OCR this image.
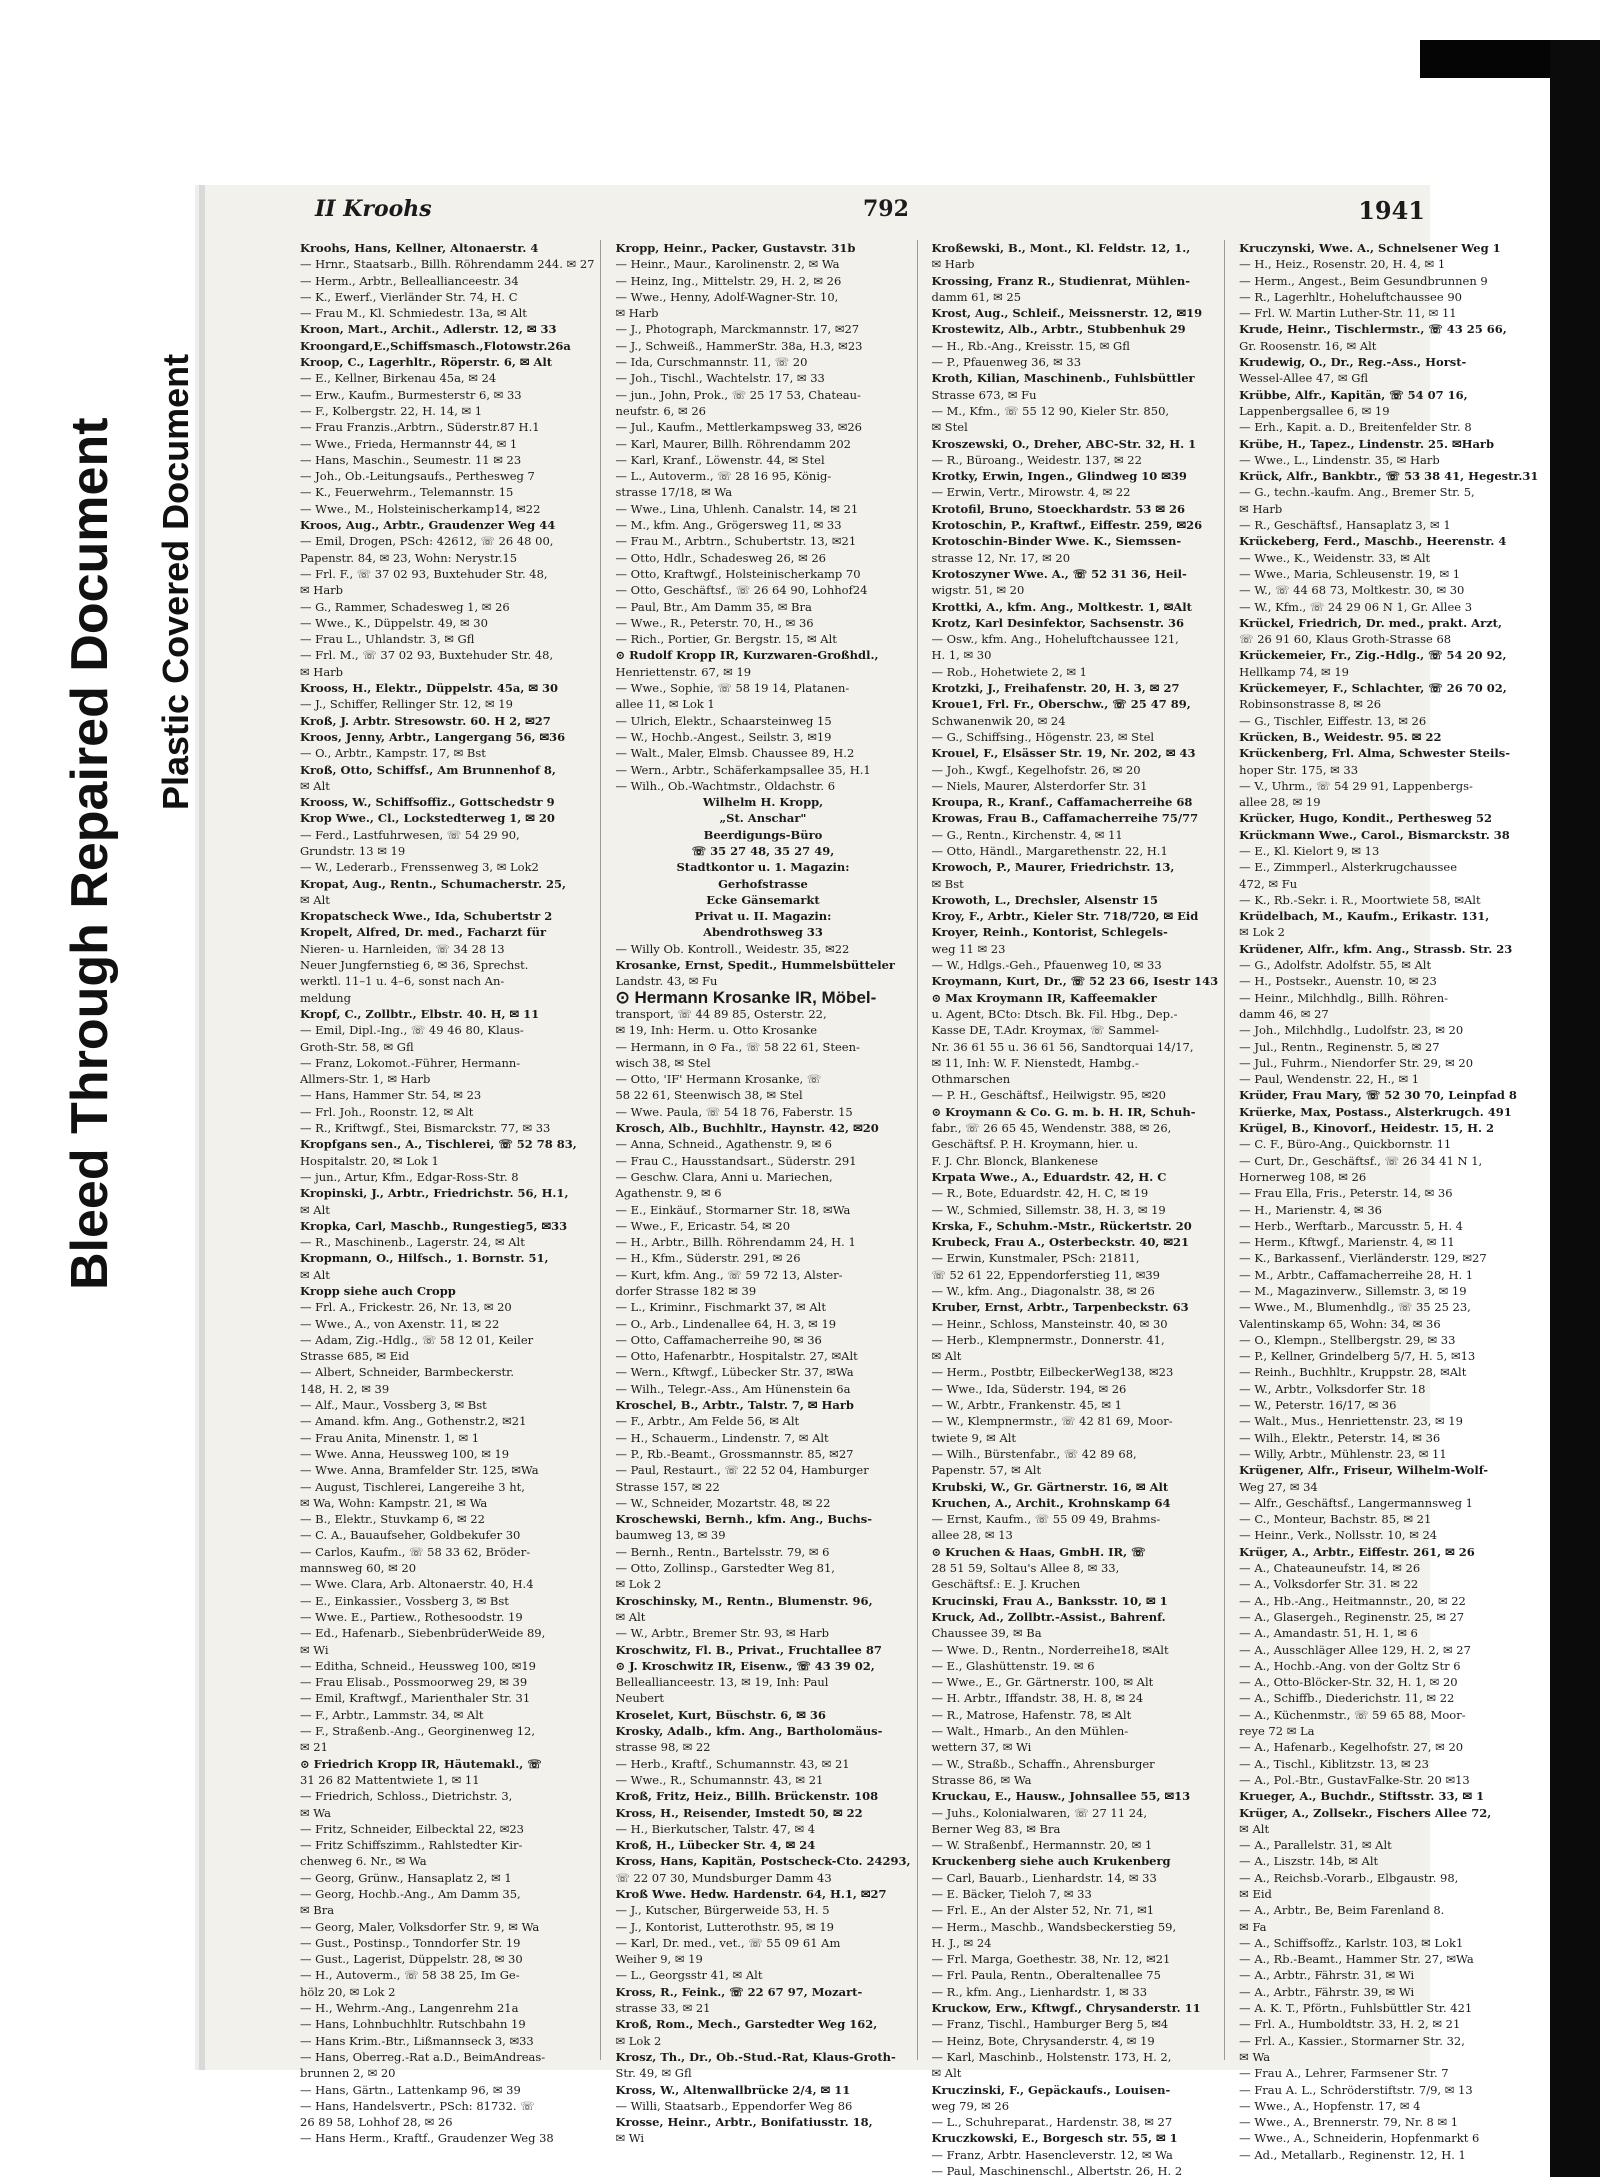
Bleed Through Repaired Document Plastic Covered Document
II Kroohs	792	1941
Kroohs, Hans, Kellner, Altonaerstr. 4
— Hrnr., Staatsarb., Billh. Röhrendamm 244. ✉ 27
— Herm., Arbtr., Belleallianceestr. 34
— K., Ewerf., Vierländer Str. 74, H. C
— Frau M., Kl. Schmiedestr. 13a, ✉ Alt
Kroon, Mart., Archit., Adlerstr. 12, ✉ 33
Kroongard,E.,Schiffsmasch.,Flotowstr.26a
Kroop, C., Lagerhltr., Röperstr. 6, ✉ Alt
— E., Kellner, Birkenau 45a, ✉ 24
— Erw., Kaufm., Burmesterstr 6, ✉ 33
— F., Kolbergstr. 22, H. 14, ✉ 1
— Frau Franzis.,Arbtrn., Süderstr.87 H.1
— Wwe., Frieda, Hermannstr 44, ✉ 1
— Hans, Maschin., Seumestr. 11 ✉ 23
— Joh., Ob.-Leitungsaufs., Perthesweg 7
— K., Feuerwehrm., Telemannstr. 15
— Wwe., M., Holsteinischerkamp14, ✉22
Kroos, Aug., Arbtr., Graudenzer Weg 44
— Emil, Drogen, PSch: 42612, ☏ 26 48 00,
Papenstr. 84, ✉ 23, Wohn: Nerystr.15
— Frl. F., ☏ 37 02 93, Buxtehuder Str. 48,
✉ Harb
— G., Rammer, Schadesweg 1, ✉ 26
— Wwe., K., Düppelstr. 49, ✉ 30
— Frau L., Uhlandstr. 3, ✉ Gfl
— Frl. M., ☏ 37 02 93, Buxtehuder Str. 48,
✉ Harb
Krooss, H., Elektr., Düppelstr. 45a, ✉ 30
— J., Schiffer, Rellinger Str. 12, ✉ 19
Kroß, J. Arbtr. Stresowstr. 60. H 2, ✉27
Kroos, Jenny, Arbtr., Langergang 56, ✉36
— O., Arbtr., Kampstr. 17, ✉ Bst
Kroß, Otto, Schiffsf., Am Brunnenhof 8,
✉ Alt
Krooss, W., Schiffsoffiz., Gottschedstr 9
Krop Wwe., Cl., Lockstedterweg 1, ✉ 20
— Ferd., Lastfuhrwesen, ☏ 54 29 90,
Grundstr. 13 ✉ 19
— W., Lederarb., Frenssenweg 3, ✉ Lok2
Kropat, Aug., Rentn., Schumacherstr. 25,
✉ Alt
Kropatscheck Wwe., Ida, Schubertstr 2
Kropelt, Alfred, Dr. med., Facharzt für
Nieren- u. Harnleiden, ☏ 34 28 13
Neuer Jungfernstieg 6, ✉ 36, Sprechst.
werktl. 11–1 u. 4–6, sonst nach An-
meldung
Kropf, C., Zollbtr., Elbstr. 40. H, ✉ 11
— Emil, Dipl.-Ing., ☏ 49 46 80, Klaus-
Groth-Str. 58, ✉ Gfl
— Franz, Lokomot.-Führer, Hermann-
Allmers-Str. 1, ✉ Harb
— Hans, Hammer Str. 54, ✉ 23
— Frl. Joh., Roonstr. 12, ✉ Alt
— R., Kriftwgf., Stei, Bismarckstr. 77, ✉ 33
Kropfgans sen., A., Tischlerei, ☏ 52 78 83,
Hospitalstr. 20, ✉ Lok 1
— jun., Artur, Kfm., Edgar-Ross-Str. 8
Kropinski, J., Arbtr., Friedrichstr. 56, H.1,
✉ Alt
Kropka, Carl, Maschb., Rungestieg5, ✉33
— R., Maschinenb., Lagerstr. 24, ✉ Alt
Kropmann, O., Hilfsch., 1. Bornstr. 51,
✉ Alt
Kropp siehe auch Cropp
— Frl. A., Frickestr. 26, Nr. 13, ✉ 20
— Wwe., A., von Axenstr. 11, ✉ 22
— Adam, Zig.-Hdlg., ☏ 58 12 01, Keiler
Strasse 685, ✉ Eid
— Albert, Schneider, Barmbeckerstr.
148, H. 2, ✉ 39
— Alf., Maur., Vossberg 3, ✉ Bst
— Amand. kfm. Ang., Gothenstr.2, ✉21
— Frau Anita, Minenstr. 1, ✉ 1
— Wwe. Anna, Heussweg 100, ✉ 19
— Wwe. Anna, Bramfelder Str. 125, ✉Wa
— August, Tischlerei, Langereihe 3 ht,
✉ Wa, Wohn: Kampstr. 21, ✉ Wa
— B., Elektr., Stuvkamp 6, ✉ 22
— C. A., Bauaufseher, Goldbekufer 30
— Carlos, Kaufm., ☏ 58 33 62, Bröder-
mannsweg 60, ✉ 20
— Wwe. Clara, Arb. Altonaerstr. 40, H.4
— E., Einkassier., Vossberg 3, ✉ Bst
— Wwe. E., Partiew., Rothesoodstr. 19
— Ed., Hafenarb., SiebenbrüderWeide 89,
✉ Wi
— Editha, Schneid., Heussweg 100, ✉19
— Frau Elisab., Possmoorweg 29, ✉ 39
— Emil, Kraftwgf., Marienthaler Str. 31
— F., Arbtr., Lammstr. 34, ✉ Alt
— F., Straßenb.-Ang., Georginenweg 12,
✉ 21
⊙ Friedrich Kropp IR, Häutemakl., ☏
31 26 82 Mattentwiete 1, ✉ 11
— Friedrich, Schloss., Dietrichstr. 3,
✉ Wa
— Fritz, Schneider, Eilbecktal 22, ✉23
— Fritz Schiffszimm., Rahlstedter Kir-
chenweg 6. Nr., ✉ Wa
— Georg, Grünw., Hansaplatz 2, ✉ 1
— Georg, Hochb.-Ang., Am Damm 35,
✉ Bra
— Georg, Maler, Volksdorfer Str. 9, ✉ Wa
— Gust., Postinsp., Tonndorfer Str. 19
— Gust., Lagerist, Düppelstr. 28, ✉ 30
— H., Autoverm., ☏ 58 38 25, Im Ge-
hölz 20, ✉ Lok 2
— H., Wehrm.-Ang., Langenrehm 21a
— Hans, Lohnbuchhltr. Rutschbahn 19
— Hans Krim.-Btr., Lißmannseck 3, ✉33
— Hans, Oberreg.-Rat a.D., BeimAndreas-
brunnen 2, ✉ 20
— Hans, Gärtn., Lattenkamp 96, ✉ 39
— Hans, Handelsvertr., PSch: 81732. ☏
26 89 58, Lohhof 28, ✉ 26
— Hans Herm., Kraftf., Graudenzer Weg 38
Kropp, Heinr., Packer, Gustavstr. 31b
— Heinr., Maur., Karolinenstr. 2, ✉ Wa
— Heinz, Ing., Mittelstr. 29, H. 2, ✉ 26
— Wwe., Henny, Adolf-Wagner-Str. 10,
✉ Harb
— J., Photograph, Marckmannstr. 17, ✉27
— J., Schweiß., HammerStr. 38a, H.3, ✉23
— Ida, Curschmannstr. 11, ☏ 20
— Joh., Tischl., Wachtelstr. 17, ✉ 33
— jun., John, Prok., ☏ 25 17 53, Chateau-
neufstr. 6, ✉ 26
— Jul., Kaufm., Mettlerkampsweg 33, ✉26
— Karl, Maurer, Billh. Röhrendamm 202
— Karl, Kranf., Löwenstr. 44, ✉ Stel
— L., Autoverm., ☏ 28 16 95, König-
strasse 17/18, ✉ Wa
— Wwe., Lina, Uhlenh. Canalstr. 14, ✉ 21
— M., kfm. Ang., Grögersweg 11, ✉ 33
— Frau M., Arbtrn., Schubertstr. 13, ✉21
— Otto, Hdlr., Schadesweg 26, ✉ 26
— Otto, Kraftwgf., Holsteinischerkamp 70
— Otto, Geschäftsf., ☏ 26 64 90, Lohhof24
— Paul, Btr., Am Damm 35, ✉ Bra
— Wwe., R., Peterstr. 70, H., ✉ 36
— Rich., Portier, Gr. Bergstr. 15, ✉ Alt
⊙ Rudolf Kropp IR, Kurzwaren-Großhdl.,
Henriettenstr. 67, ✉ 19
— Wwe., Sophie, ☏ 58 19 14, Platanen-
allee 11, ✉ Lok 1
— Ulrich, Elektr., Schaarsteinweg 15
— W., Hochb.-Angest., Seilstr. 3, ✉19
— Walt., Maler, Elmsb. Chaussee 89, H.2
— Wern., Arbtr., Schäferkampsallee 35, H.1
— Wilh., Ob.-Wachtmstr., Oldachstr. 6
Wilhelm H. Kropp,
„St. Anschar"
Beerdigungs-Büro
☏ 35 27 48, 35 27 49,
Stadtkontor u. 1. Magazin:
Gerhofstrasse
Ecke Gänsemarkt
Privat u. II. Magazin:
Abendrothsweg 33
— Willy Ob. Kontroll., Weidestr. 35, ✉22
Krosanke, Ernst, Spedit., Hummelsbütteler
Landstr. 43, ✉ Fu
⊙ Hermann Krosanke IR, Möbel-
transport, ☏ 44 89 85, Osterstr. 22,
✉ 19, Inh: Herm. u. Otto Krosanke
— Hermann, in ⊙ Fa., ☏ 58 22 61, Steen-
wisch 38, ✉ Stel
— Otto, 'IF' Hermann Krosanke, ☏
58 22 61, Steenwisch 38, ✉ Stel
— Wwe. Paula, ☏ 54 18 76, Faberstr. 15
Krosch, Alb., Buchhltr., Haynstr. 42, ✉20
— Anna, Schneid., Agathenstr. 9, ✉ 6
— Frau C., Hausstandsart., Süderstr. 291
— Geschw. Clara, Anni u. Mariechen,
Agathenstr. 9, ✉ 6
— E., Einkäuf., Stormarner Str. 18, ✉Wa
— Wwe., F., Ericastr. 54, ✉ 20
— H., Arbtr., Billh. Röhrendamm 24, H. 1
— H., Kfm., Süderstr. 291, ✉ 26
— Kurt, kfm. Ang., ☏ 59 72 13, Alster-
dorfer Strasse 182 ✉ 39
— L., Kriminr., Fischmarkt 37, ✉ Alt
— O., Arb., Lindenallee 64, H. 3, ✉ 19
— Otto, Caffamacherreihe 90, ✉ 36
— Otto, Hafenarbtr., Hospitalstr. 27, ✉Alt
— Wern., Kftwgf., Lübecker Str. 37, ✉Wa
— Wilh., Telegr.-Ass., Am Hünenstein 6a
Kroschel, B., Arbtr., Talstr. 7, ✉ Harb
— F., Arbtr., Am Felde 56, ✉ Alt
— H., Schauerm., Lindenstr. 7, ✉ Alt
— P., Rb.-Beamt., Grossmannstr. 85, ✉27
— Paul, Restaurt., ☏ 22 52 04, Hamburger
Strasse 157, ✉ 22
— W., Schneider, Mozartstr. 48, ✉ 22
Kroschewski, Bernh., kfm. Ang., Buchs-
baumweg 13, ✉ 39
— Bernh., Rentn., Bartelsstr. 79, ✉ 6
— Otto, Zollinsp., Garstedter Weg 81,
✉ Lok 2
Kroschinsky, M., Rentn., Blumenstr. 96,
✉ Alt
— W., Arbtr., Bremer Str. 93, ✉ Harb
Kroschwitz, Fl. B., Privat., Fruchtallee 87
⊙ J. Kroschwitz IR, Eisenw., ☏ 43 39 02,
Belleallianceestr. 13, ✉ 19, Inh: Paul
Neubert
Kroselet, Kurt, Büschstr. 6, ✉ 36
Krosky, Adalb., kfm. Ang., Bartholomäus-
strasse 98, ✉ 22
— Herb., Kraftf., Schumannstr. 43, ✉ 21
— Wwe., R., Schumannstr. 43, ✉ 21
Kroß, Fritz, Heiz., Billh. Brückenstr. 108
Kross, H., Reisender, Imstedt 50, ✉ 22
— H., Bierkutscher, Talstr. 47, ✉ 4
Kroß, H., Lübecker Str. 4, ✉ 24
Kross, Hans, Kapitän, Postscheck-Cto. 24293,
☏ 22 07 30, Mundsburger Damm 43
Kroß Wwe. Hedw. Hardenstr. 64, H.1, ✉27
— J., Kutscher, Bürgerweide 53, H. 5
— J., Kontorist, Lutterothstr. 95, ✉ 19
— Karl, Dr. med., vet., ☏ 55 09 61 Am
Weiher 9, ✉ 19
— L., Georgsstr 41, ✉ Alt
Kross, R., Feink., ☏ 22 67 97, Mozart-
strasse 33, ✉ 21
Kroß, Rom., Mech., Garstedter Weg 162,
✉ Lok 2
Krosz, Th., Dr., Ob.-Stud.-Rat, Klaus-Groth-
Str. 49, ✉ Gfl
Kross, W., Altenwallbrücke 2/4, ✉ 11
— Willi, Staatsarb., Eppendorfer Weg 86
Krosse, Heinr., Arbtr., Bonifatiusstr. 18,
✉ Wi
Kroßewski, B., Mont., Kl. Feldstr. 12, 1.,
✉ Harb
Krossing, Franz R., Studienrat, Mühlen-
damm 61, ✉ 25
Krost, Aug., Schleif., Meissnerstr. 12, ✉19
Krostewitz, Alb., Arbtr., Stubbenhuk 29
— H., Rb.-Ang., Kreisstr. 15, ✉ Gfl
— P., Pfauenweg 36, ✉ 33
Kroth, Kilian, Maschinenb., Fuhlsbüttler
Strasse 673, ✉ Fu
— M., Kfm., ☏ 55 12 90, Kieler Str. 850,
✉ Stel
Kroszewski, O., Dreher, ABC-Str. 32, H. 1
— R., Büroang., Weidestr. 137, ✉ 22
Krotky, Erwin, Ingen., Glindweg 10 ✉39
— Erwin, Vertr., Mirowstr. 4, ✉ 22
Krotofil, Bruno, Stoeckhardstr. 53 ✉ 26
Krotoschin, P., Kraftwf., Eiffestr. 259, ✉26
Krotoschin-Binder Wwe. K., Siemssen-
strasse 12, Nr. 17, ✉ 20
Krotoszyner Wwe. A., ☏ 52 31 36, Heil-
wigstr. 51, ✉ 20
Krottki, A., kfm. Ang., Moltkestr. 1, ✉Alt
Krotz, Karl Desinfektor, Sachsenstr. 36
— Osw., kfm. Ang., Hoheluftchaussee 121,
H. 1, ✉ 30
— Rob., Hohetwiete 2, ✉ 1
Krotzki, J., Freihafenstr. 20, H. 3, ✉ 27
Kroue1, Frl. Fr., Oberschw., ☏ 25 47 89,
Schwanenwik 20, ✉ 24
— G., Schiffsing., Högenstr. 23, ✉ Stel
Krouel, F., Elsässer Str. 19, Nr. 202, ✉ 43
— Joh., Kwgf., Kegelhofstr. 26, ✉ 20
— Niels, Maurer, Alsterdorfer Str. 31
Kroupa, R., Kranf., Caffamacherreihe 68
Krowas, Frau B., Caffamacherreihe 75/77
— G., Rentn., Kirchenstr. 4, ✉ 11
— Otto, Händl., Margarethenstr. 22, H.1
Krowoch, P., Maurer, Friedrichstr. 13,
✉ Bst
Krowoth, L., Drechsler, Alsenstr 15
Kroy, F., Arbtr., Kieler Str. 718/720, ✉ Eid
Kroyer, Reinh., Kontorist, Schlegels-
weg 11 ✉ 23
— W., Hdlgs.-Geh., Pfauenweg 10, ✉ 33
Kroymann, Kurt, Dr., ☏ 52 23 66, Isestr 143
⊙ Max Kroymann IR, Kaffeemakler
u. Agent, BCto: Dtsch. Bk. Fil. Hbg., Dep.-
Kasse DE, T.Adr. Kroymax, ☏ Sammel-
Nr. 36 61 55 u. 36 61 56, Sandtorquai 14/17,
✉ 11, Inh: W. F. Nienstedt, Hambg.-
Othmarschen
— P. H., Geschäftsf., Heilwigstr. 95, ✉20
⊙ Kroymann & Co. G. m. b. H. IR, Schuh-
fabr., ☏ 26 65 45, Wendenstr. 388, ✉ 26,
Geschäftsf. P. H. Kroymann, hier. u.
F. J. Chr. Blonck, Blankenese
Krpata Wwe., A., Eduardstr. 42, H. C
— R., Bote, Eduardstr. 42, H. C, ✉ 19
— W., Schmied, Sillemstr. 38, H. 3, ✉ 19
Krska, F., Schuhm.-Mstr., Rückertstr. 20
Krubeck, Frau A., Osterbeckstr. 40, ✉21
— Erwin, Kunstmaler, PSch: 21811,
☏ 52 61 22, Eppendorferstieg 11, ✉39
— W., kfm. Ang., Diagonalstr. 38, ✉ 26
Kruber, Ernst, Arbtr., Tarpenbeckstr. 63
— Heinr., Schloss, Mansteinstr. 40, ✉ 30
— Herb., Klempnermstr., Donnerstr. 41,
✉ Alt
— Herm., Postbtr, EilbeckerWeg138, ✉23
— Wwe., Ida, Süderstr. 194, ✉ 26
— W., Arbtr., Frankenstr. 45, ✉ 1
— W., Klempnermstr., ☏ 42 81 69, Moor-
twiete 9, ✉ Alt
— Wilh., Bürstenfabr., ☏ 42 89 68,
Papenstr. 57, ✉ Alt
Krubski, W., Gr. Gärtnerstr. 16, ✉ Alt
Kruchen, A., Archit., Krohnskamp 64
— Ernst, Kaufm., ☏ 55 09 49, Brahms-
allee 28, ✉ 13
⊙ Kruchen & Haas, GmbH. IR, ☏
28 51 59, Soltau's Allee 8, ✉ 33,
Geschäftsf.: E. J. Kruchen
Krucinski, Frau A., Banksstr. 10, ✉ 1
Kruck, Ad., Zollbtr.-Assist., Bahrenf.
Chaussee 39, ✉ Ba
— Wwe. D., Rentn., Norderreihe18, ✉Alt
— E., Glashüttenstr. 19. ✉ 6
— Wwe., E., Gr. Gärtnerstr. 100, ✉ Alt
— H. Arbtr., Iffandstr. 38, H. 8, ✉ 24
— R., Matrose, Hafenstr. 78, ✉ Alt
— Walt., Hmarb., An den Mühlen-
wettern 37, ✉ Wi
— W., Straßb., Schaffn., Ahrensburger
Strasse 86, ✉ Wa
Kruckau, E., Hausw., Johnsallee 55, ✉13
— Juhs., Kolonialwaren, ☏ 27 11 24,
Berner Weg 83, ✉ Bra
— W. Straßenbf., Hermannstr. 20, ✉ 1
Kruckenberg siehe auch Krukenberg
— Carl, Bauarb., Lienhardstr. 14, ✉ 33
— E. Bäcker, Tieloh 7, ✉ 33
— Frl. E., An der Alster 52, Nr. 71, ✉1
— Herm., Maschb., Wandsbeckerstieg 59,
H. J., ✉ 24
— Frl. Marga, Goethestr. 38, Nr. 12, ✉21
— Frl. Paula, Rentn., Oberaltenallee 75
— R., kfm. Ang., Lienhardstr. 1, ✉ 33
Kruckow, Erw., Kftwgf., Chrysanderstr. 11
— Franz, Tischl., Hamburger Berg 5, ✉4
— Heinz, Bote, Chrysanderstr. 4, ✉ 19
— Karl, Maschinb., Holstenstr. 173, H. 2,
✉ Alt
Kruczinski, F., Gepäckaufs., Louisen-
weg 79, ✉ 26
— L., Schuhreparat., Hardenstr. 38, ✉ 27
Kruczkowski, E., Borgesch str. 55, ✉ 1
— Franz, Arbtr. Hasencleverstr. 12, ✉ Wa
— Paul, Maschinenschl., Albertstr. 26, H. 2
Kruczynski, Wwe. A., Schnelsener Weg 1
— H., Heiz., Rosenstr. 20, H. 4, ✉ 1
— Herm., Angest., Beim Gesundbrunnen 9
— R., Lagerhltr., Hoheluftchaussee 90
— Frl. W. Martin Luther-Str. 11, ✉ 11
Krude, Heinr., Tischlermstr., ☏ 43 25 66,
Gr. Roosenstr. 16, ✉ Alt
Krudewig, O., Dr., Reg.-Ass., Horst-
Wessel-Allee 47, ✉ Gfl
Krübbe, Alfr., Kapitän, ☏ 54 07 16,
Lappenbergsallee 6, ✉ 19
— Erh., Kapit. a. D., Breitenfelder Str. 8
Krübe, H., Tapez., Lindenstr. 25. ✉Harb
— Wwe., L., Lindenstr. 35, ✉ Harb
Krück, Alfr., Bankbtr., ☏ 53 38 41, Hegestr.31
— G., techn.-kaufm. Ang., Bremer Str. 5,
✉ Harb
— R., Geschäftsf., Hansaplatz 3, ✉ 1
Krückeberg, Ferd., Maschb., Heerenstr. 4
— Wwe., K., Weidenstr. 33, ✉ Alt
— Wwe., Maria, Schleusenstr. 19, ✉ 1
— W., ☏ 44 68 73, Moltkestr. 30, ✉ 30
— W., Kfm., ☏ 24 29 06 N 1, Gr. Allee 3
Krückel, Friedrich, Dr. med., prakt. Arzt,
☏ 26 91 60, Klaus Groth-Strasse 68
Krückemeier, Fr., Zig.-Hdlg., ☏ 54 20 92,
Hellkamp 74, ✉ 19
Krückemeyer, F., Schlachter, ☏ 26 70 02,
Robinsonstrasse 8, ✉ 26
— G., Tischler, Eiffestr. 13, ✉ 26
Krücken, B., Weidestr. 95. ✉ 22
Krückenberg, Frl. Alma, Schwester Steils-
hoper Str. 175, ✉ 33
— V., Uhrm., ☏ 54 29 91, Lappenbergs-
allee 28, ✉ 19
Krücker, Hugo, Kondit., Perthesweg 52
Krückmann Wwe., Carol., Bismarckstr. 38
— E., Kl. Kielort 9, ✉ 13
— E., Zimmperl., Alsterkrugchaussee
472, ✉ Fu
— K., Rb.-Sekr. i. R., Moortwiete 58, ✉Alt
Krüdelbach, M., Kaufm., Erikastr. 131,
✉ Lok 2
Krüdener, Alfr., kfm. Ang., Strassb. Str. 23
— G., Adolfstr. Adolfstr. 55, ✉ Alt
— H., Postsekr., Auenstr. 10, ✉ 23
— Heinr., Milchhdlg., Billh. Röhren-
damm 46, ✉ 27
— Joh., Milchhdlg., Ludolfstr. 23, ✉ 20
— Jul., Rentn., Reginenstr. 5, ✉ 27
— Jul., Fuhrm., Niendorfer Str. 29, ✉ 20
— Paul, Wendenstr. 22, H., ✉ 1
Krüder, Frau Mary, ☏ 52 30 70, Leinpfad 8
Krüerke, Max, Postass., Alsterkrugch. 491
Krügel, B., Kinovorf., Heidestr. 15, H. 2
— C. F., Büro-Ang., Quickbornstr. 11
— Curt, Dr., Geschäftsf., ☏ 26 34 41 N 1,
Hornerweg 108, ✉ 26
— Frau Ella, Fris., Peterstr. 14, ✉ 36
— H., Marienstr. 4, ✉ 36
— Herb., Werftarb., Marcusstr. 5, H. 4
— Herm., Kftwgf., Marienstr. 4, ✉ 11
— K., Barkassenf., Vierländerstr. 129, ✉27
— M., Arbtr., Caffamacherreihe 28, H. 1
— M., Magazinverw., Sillemstr. 3, ✉ 19
— Wwe., M., Blumenhdlg., ☏ 35 25 23,
Valentinskamp 65, Wohn: 34, ✉ 36
— O., Klempn., Stellbergstr. 29, ✉ 33
— P., Kellner, Grindelberg 5/7, H. 5, ✉13
— Reinh., Buchhltr., Kruppstr. 28, ✉Alt
— W., Arbtr., Volksdorfer Str. 18
— W., Peterstr. 16/17, ✉ 36
— Walt., Mus., Henriettenstr. 23, ✉ 19
— Wilh., Elektr., Peterstr. 14, ✉ 36
— Willy, Arbtr., Mühlenstr. 23, ✉ 11
Krügener, Alfr., Friseur, Wilhelm-Wolf-
Weg 27, ✉ 34
— Alfr., Geschäftsf., Langermannsweg 1
— C., Monteur, Bachstr. 85, ✉ 21
— Heinr., Verk., Nollsstr. 10, ✉ 24
Krüger, A., Arbtr., Eiffestr. 261, ✉ 26
— A., Chateauneufstr. 14, ✉ 26
— A., Volksdorfer Str. 31. ✉ 22
— A., Hb.-Ang., Heitmannstr., 20, ✉ 22
— A., Glasergeh., Reginenstr. 25, ✉ 27
— A., Amandastr. 51, H. 1, ✉ 6
— A., Ausschläger Allee 129, H. 2, ✉ 27
— A., Hochb.-Ang. von der Goltz Str 6
— A., Otto-Blöcker-Str. 32, H. 1, ✉ 20
— A., Schiffb., Diederichstr. 11, ✉ 22
— A., Küchenmstr., ☏ 59 65 88, Moor-
reye 72 ✉ La
— A., Hafenarb., Kegelhofstr. 27, ✉ 20
— A., Tischl., Kiblitzstr. 13, ✉ 23
— A., Pol.-Btr., GustavFalke-Str. 20 ✉13
Krueger, A., Buchdr., Stiftsstr. 33, ✉ 1
Krüger, A., Zollsekr., Fischers Allee 72,
✉ Alt
— A., Parallelstr. 31, ✉ Alt
— A., Liszstr. 14b, ✉ Alt
— A., Reichsb.-Vorarb., Elbgaustr. 98,
✉ Eid
— A., Arbtr., Be, Beim Farenland 8.
✉ Fa
— A., Schiffsoffz., Karlstr. 103, ✉ Lok1
— A., Rb.-Beamt., Hammer Str. 27, ✉Wa
— A., Arbtr., Fährstr. 31, ✉ Wi
— A., Arbtr., Fährstr. 39, ✉ Wi
— A. K. T., Pförtn., Fuhlsbüttler Str. 421
— Frl. A., Humboldtstr. 33, H. 2, ✉ 21
— Frl. A., Kassier., Stormarner Str. 32,
✉ Wa
— Frau A., Lehrer, Farmsener Str. 7
— Frau A. L., Schröderstiftstr. 7/9, ✉ 13
— Wwe., A., Hopfenstr. 17, ✉ 4
— Wwe., A., Brennerstr. 79, Nr. 8 ✉ 1
— Wwe., A., Schneiderin, Hopfenmarkt 6
— Ad., Metallarb., Reginenstr. 12, H. 1
